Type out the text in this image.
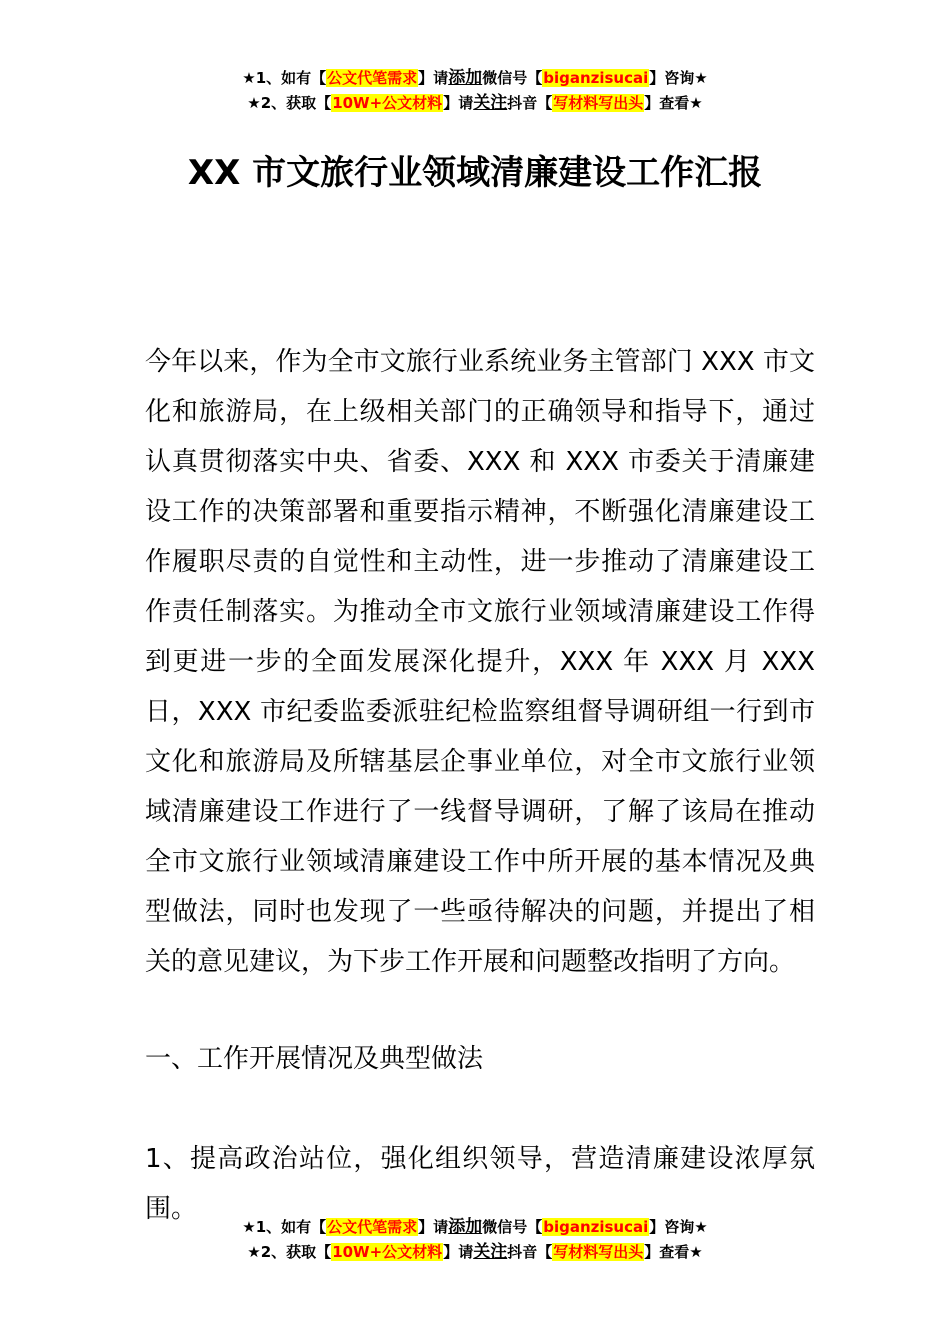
★1、如有【公文代笔需求】请添加微信号【biganzisucai】咨询★
★2、获取【10W+公文材料】请关注抖音【写材料写出头】查看★
XX 市文旅行业领域清廉建设工作汇报
今年以来，作为全市文旅行业系统业务主管部门 XXX 市文化和旅游局，在上级相关部门的正确领导和指导下，通过认真贯彻落实中央、省委、XXX 和 XXX 市委关于清廉建设工作的决策部署和重要指示精神，不断强化清廉建设工作履职尽责的自觉性和主动性，进一步推动了清廉建设工作责任制落实。为推动全市文旅行业领域清廉建设工作得到更进一步的全面发展深化提升，XXX 年 XXX 月 XXX 日，XXX 市纪委监委派驻纪检监察组督导调研组一行到市文化和旅游局及所辖基层企事业单位，对全市文旅行业领域清廉建设工作进行了一线督导调研，了解了该局在推动全市文旅行业领域清廉建设工作中所开展的基本情况及典型做法，同时也发现了一些亟待解决的问题，并提出了相关的意见建议，为下步工作开展和问题整改指明了方向。
一、工作开展情况及典型做法
1、提高政治站位，强化组织领导，营造清廉建设浓厚氛围。
★1、如有【公文代笔需求】请添加微信号【biganzisucai】咨询★
★2、获取【10W+公文材料】请关注抖音【写材料写出头】查看★
